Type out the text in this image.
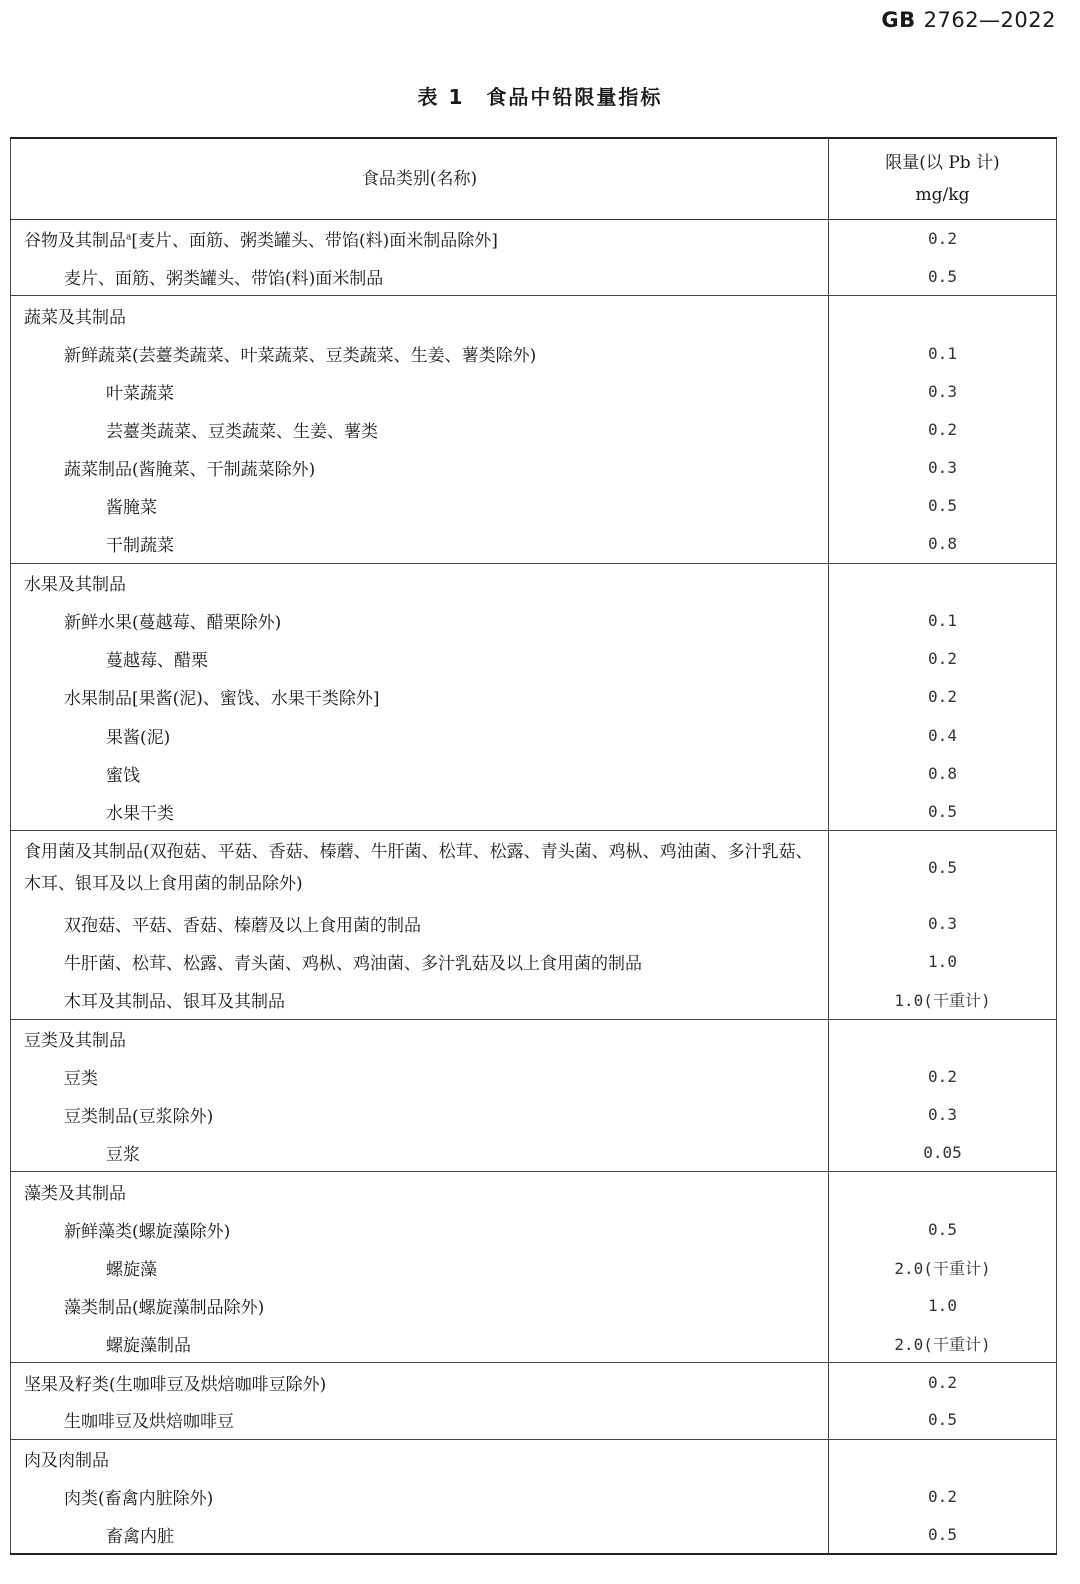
GB 2762—2022
表 1　食品中铅限量指标
食品类别(名称)	限量(以 Pb 计)
mg/kg

谷物及其制品$^a$[麦片、面筋、粥类罐头、带馅(料)面米制品除外]	0.2
麦片、面筋、粥类罐头、带馅(料)面米制品	0.5
蔬菜及其制品	
新鲜蔬菜(芸薹类蔬菜、叶菜蔬菜、豆类蔬菜、生姜、薯类除外)	0.1
叶菜蔬菜	0.3
芸薹类蔬菜、豆类蔬菜、生姜、薯类	0.2
蔬菜制品(酱腌菜、干制蔬菜除外)	0.3
酱腌菜	0.5
干制蔬菜	0.8
水果及其制品	
新鲜水果(蔓越莓、醋栗除外)	0.1
蔓越莓、醋栗	0.2
水果制品[果酱(泥)、蜜饯、水果干类除外]	0.2
果酱(泥)	0.4
蜜饯	0.8
水果干类	0.5
食用菌及其制品(双孢菇、平菇、香菇、榛蘑、牛肝菌、松茸、松露、青头菌、鸡枞、鸡油菌、多汁乳菇、木耳、银耳及以上食用菌的制品除外)	0.5
双孢菇、平菇、香菇、榛蘑及以上食用菌的制品	0.3
牛肝菌、松茸、松露、青头菌、鸡枞、鸡油菌、多汁乳菇及以上食用菌的制品	1.0
木耳及其制品、银耳及其制品	1.0(干重计)
豆类及其制品	
豆类	0.2
豆类制品(豆浆除外)	0.3
豆浆	0.05
藻类及其制品	
新鲜藻类(螺旋藻除外)	0.5
螺旋藻	2.0(干重计)
藻类制品(螺旋藻制品除外)	1.0
螺旋藻制品	2.0(干重计)
坚果及籽类(生咖啡豆及烘焙咖啡豆除外)	0.2
生咖啡豆及烘焙咖啡豆	0.5
肉及肉制品	
肉类(畜禽内脏除外)	0.2
畜禽内脏	0.5
